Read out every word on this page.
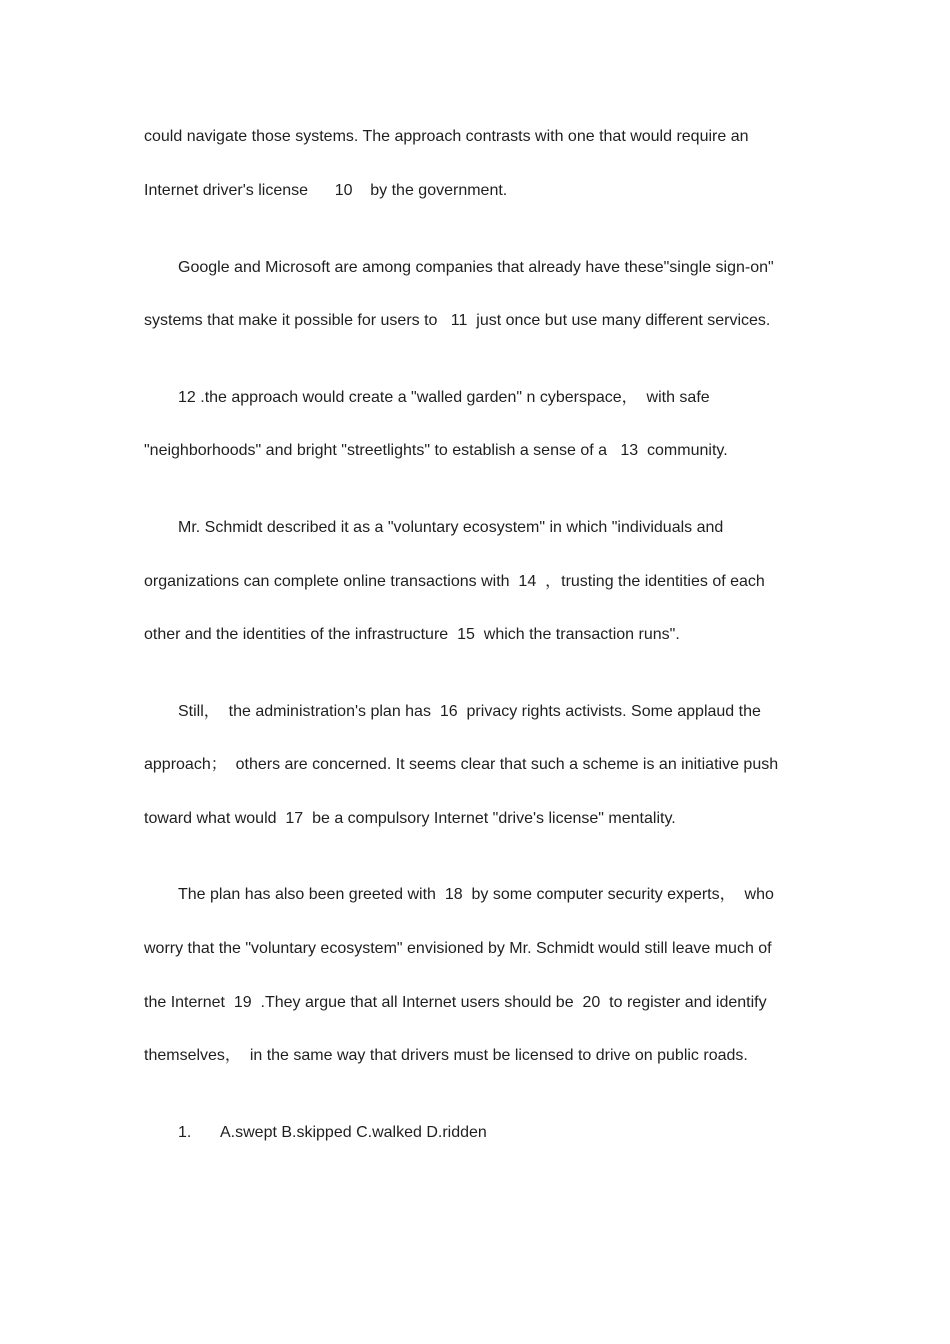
could navigate those systems. The approach contrasts with one that would require an
Internet driver's license      10    by the government.
Google and Microsoft are among companies that already have these"single sign-on"
systems that make it possible for users to   11  just once but use many different services.
12 .the approach would create a "walled garden" n cyberspace，  with safe
"neighborhoods" and bright "streetlights" to establish a sense of a   13  community.
Mr. Schmidt described it as a "voluntary ecosystem" in which "individuals and
organizations can complete online transactions with  14  ，trusting the identities of each
other and the identities of the infrastructure  15  which the transaction runs".
Still，  the administration's plan has  16  privacy rights activists. Some applaud the
approach；  others are concerned. It seems clear that such a scheme is an initiative push
toward what would  17  be a compulsory Internet "drive's license" mentality.
The plan has also been greeted with  18  by some computer security experts，  who
worry that the "voluntary ecosystem" envisioned by Mr. Schmidt would still leave much of
the Internet  19  .They argue that all Internet users should be  20  to register and identify
themselves，  in the same way that drivers must be licensed to drive on public roads.
1. A.swept B.skipped C.walked D.ridden
